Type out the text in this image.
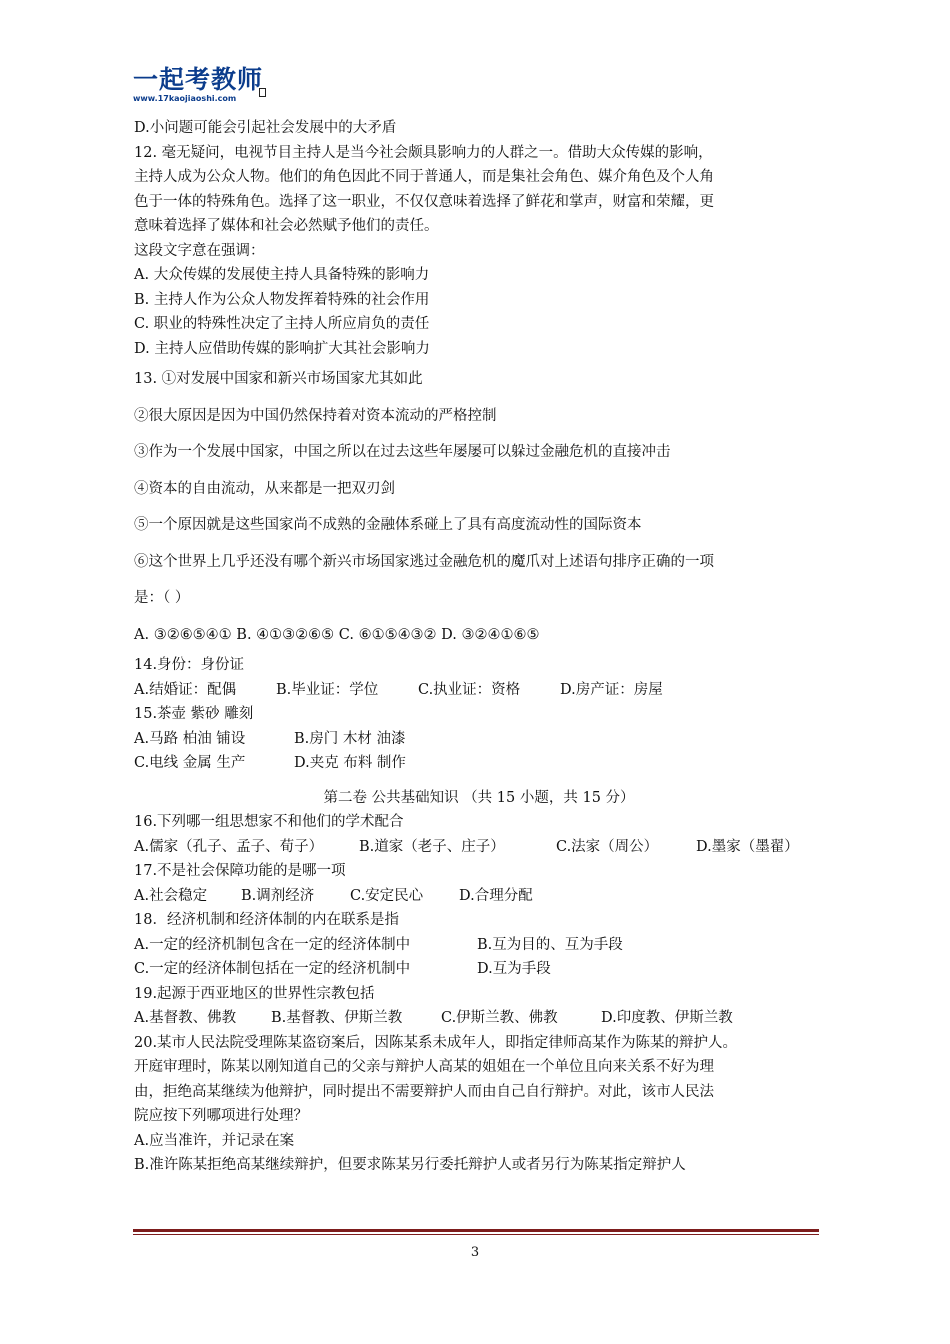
一起考教师
www.17kaojiaoshi.com
D.小问题可能会引起社会发展中的大矛盾
12. 毫无疑问，电视节目主持人是当今社会颇具影响力的人群之一。借助大众传媒的影响，
主持人成为公众人物。他们的角色因此不同于普通人，而是集社会角色、媒介角色及个人角
色于一体的特殊角色。选择了这一职业，不仅仅意味着选择了鲜花和掌声，财富和荣耀，更
意味着选择了媒体和社会必然赋予他们的责任。
这段文字意在强调：
A. 大众传媒的发展使主持人具备特殊的影响力
B. 主持人作为公众人物发挥着特殊的社会作用
C. 职业的特殊性决定了主持人所应肩负的责任
D. 主持人应借助传媒的影响扩大其社会影响力
13. ①对发展中国家和新兴市场国家尤其如此
②很大原因是因为中国仍然保持着对资本流动的严格控制
③作为一个发展中国家，中国之所以在过去这些年屡屡可以躲过金融危机的直接冲击
④资本的自由流动，从来都是一把双刃剑
⑤一个原因就是这些国家尚不成熟的金融体系碰上了具有高度流动性的国际资本
⑥这个世界上几乎还没有哪个新兴市场国家逃过金融危机的魔爪对上述语句排序正确的一项
是：（ ）
A. ③②⑥⑤④① B. ④①③②⑥⑤ C. ⑥①⑤④③② D. ③②④①⑥⑤
14.身份：身份证
A.结婚证：配偶	B.毕业证：学位	C.执业证：资格	D.房产证：房屋
15.茶壶 紫砂 雕刻
A.马路 柏油 铺设	B.房门 木材 油漆
C.电线 金属 生产	D.夹克 布料 制作
第二卷 公共基础知识 （共 15 小题，共 15 分）
16.下列哪一组思想家不和他们的学术配合
A.儒家（孔子、孟子、荀子）	B.道家（老子、庄子）	C.法家（周公）	D.墨家（墨翟）
17.不是社会保障功能的是哪一项
A.社会稳定	B.调剂经济	C.安定民心	D.合理分配
18．经济机制和经济体制的内在联系是指
A.一定的经济机制包含在一定的经济体制中	B.互为目的、互为手段
C.一定的经济体制包括在一定的经济机制中	D.互为手段
19.起源于西亚地区的世界性宗教包括
A.基督教、佛教	B.基督教、伊斯兰教	C.伊斯兰教、佛教	D.印度教、伊斯兰教
20.某市人民法院受理陈某盗窃案后，因陈某系未成年人，即指定律师高某作为陈某的辩护人。
开庭审理时，陈某以刚知道自己的父亲与辩护人高某的姐姐在一个单位且向来关系不好为理
由，拒绝高某继续为他辩护，同时提出不需要辩护人而由自己自行辩护。对此，该市人民法
院应按下列哪项进行处理？
A.应当准许，并记录在案
B.准许陈某拒绝高某继续辩护，但要求陈某另行委托辩护人或者另行为陈某指定辩护人
3
